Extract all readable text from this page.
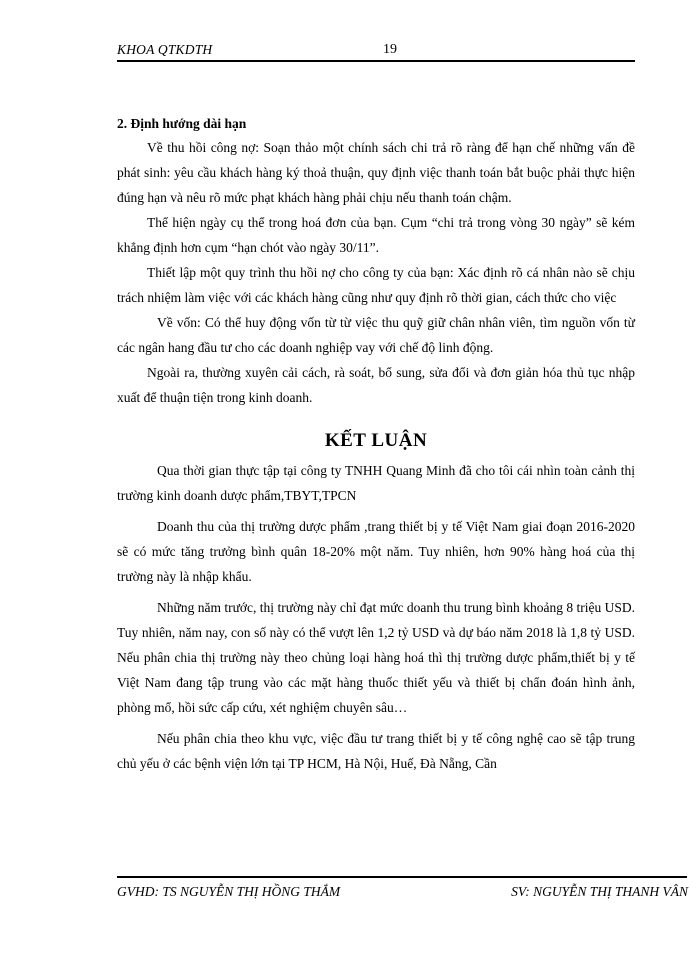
KHOA QTKDTH	19

2. Định hướng dài hạn

Về thu hồi công nợ: Soạn thảo một chính sách chi trả rõ ràng để hạn chế những vấn đề phát sinh: yêu cầu khách hàng ký thoả thuận, quy định việc thanh toán bắt buộc phải thực hiện đúng hạn và nêu rõ mức phạt khách hàng phải chịu nếu thanh toán chậm.

Thể hiện ngày cụ thể trong hoá đơn của bạn. Cụm “chi trả trong vòng 30 ngày” sẽ kém khẳng định hơn cụm “hạn chót vào ngày 30/11”.

Thiết lập một quy trình thu hồi nợ cho công ty của bạn: Xác định rõ cá nhân nào sẽ chịu trách nhiệm làm việc với các khách hàng cũng như quy định rõ thời gian, cách thức cho việc

Về vốn: Có thể huy động vốn từ từ việc thu quỹ giữ chân nhân viên, tìm nguồn vốn từ các ngân hang đầu tư cho các doanh nghiệp vay với chế độ linh động.

Ngoài ra, thường xuyên cải cách, rà soát, bổ sung, sửa đổi và đơn giản hóa thủ tục nhập xuất để thuận tiện trong kinh doanh.

KẾT LUẬN

Qua thời gian thực tập tại công ty TNHH Quang Minh đã cho tôi cái nhìn toàn cảnh thị trường kinh doanh dược phẩm,TBYT,TPCN

Doanh thu của thị trường dược phẩm ,trang thiết bị y tế Việt Nam giai đoạn 2016-2020 sẽ có mức tăng trưởng bình quân 18-20% một năm. Tuy nhiên, hơn 90% hàng hoá của thị trường này là nhập khẩu.

Những năm trước, thị trường này chỉ đạt mức doanh thu trung bình khoảng 8 triệu USD. Tuy nhiên, năm nay, con số này có thể vượt lên 1,2 tỷ USD và dự báo năm 2018 là 1,8 tỷ USD. Nếu phân chia thị trường này theo chủng loại hàng hoá thì thị trường dược phẩm,thiết bị y tế Việt Nam đang tập trung vào các mặt hàng thuốc thiết yếu và thiết bị chẩn đoán hình ảnh, phòng mổ, hồi sức cấp cứu, xét nghiệm chuyên sâu…

Nếu phân chia theo khu vực, việc đầu tư trang thiết bị y tế công nghệ cao sẽ tập trung chủ yếu ở các bệnh viện lớn tại TP HCM, Hà Nội, Huế, Đà Nẵng, Cần

GVHD: TS NGUYỄN THỊ HỒNG THẮM	SV: NGUYỄN THỊ THANH VÂN
